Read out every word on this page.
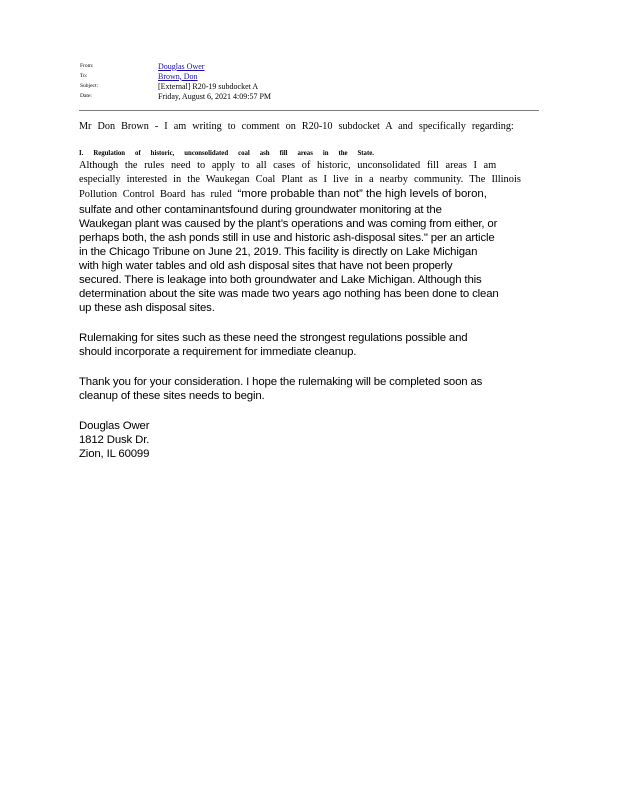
From:	Douglas Ower
To:	Brown, Don
Subject:	[External] R20-19 subdocket A
Date:	Friday, August 6, 2021 4:09:57 PM
Mr Don Brown - I am writing to comment on R20-10 subdocket A and specifically regarding:
I. Regulation of historic, unconsolidated coal ash fill areas in the State.
Although the rules need to apply to all cases of historic, unconsolidated fill areas I am
especially interested in the Waukegan Coal Plant as I live in a nearby community. The Illinois
Pollution Control Board has ruled “more probable than not” the high levels of boron,
sulfate and other contaminantsfound during groundwater monitoring at the
Waukegan plant was caused by the plant’s operations and was coming from either, or
perhaps both, the ash ponds still in use and historic ash-disposal sites." per an article
in the Chicago Tribune on June 21, 2019. This facility is directly on Lake Michigan
with high water tables and old ash disposal sites that have not been properly
secured. There is leakage into both groundwater and Lake Michigan. Although this
determination about the site was made two years ago nothing has been done to clean
up these ash disposal sites.
Rulemaking for sites such as these need the strongest regulations possible and
should incorporate a requirement for immediate cleanup.
Thank you for your consideration. I hope the rulemaking will be completed soon as
cleanup of these sites needs to begin.
Douglas Ower
1812 Dusk Dr.
Zion, IL 60099
